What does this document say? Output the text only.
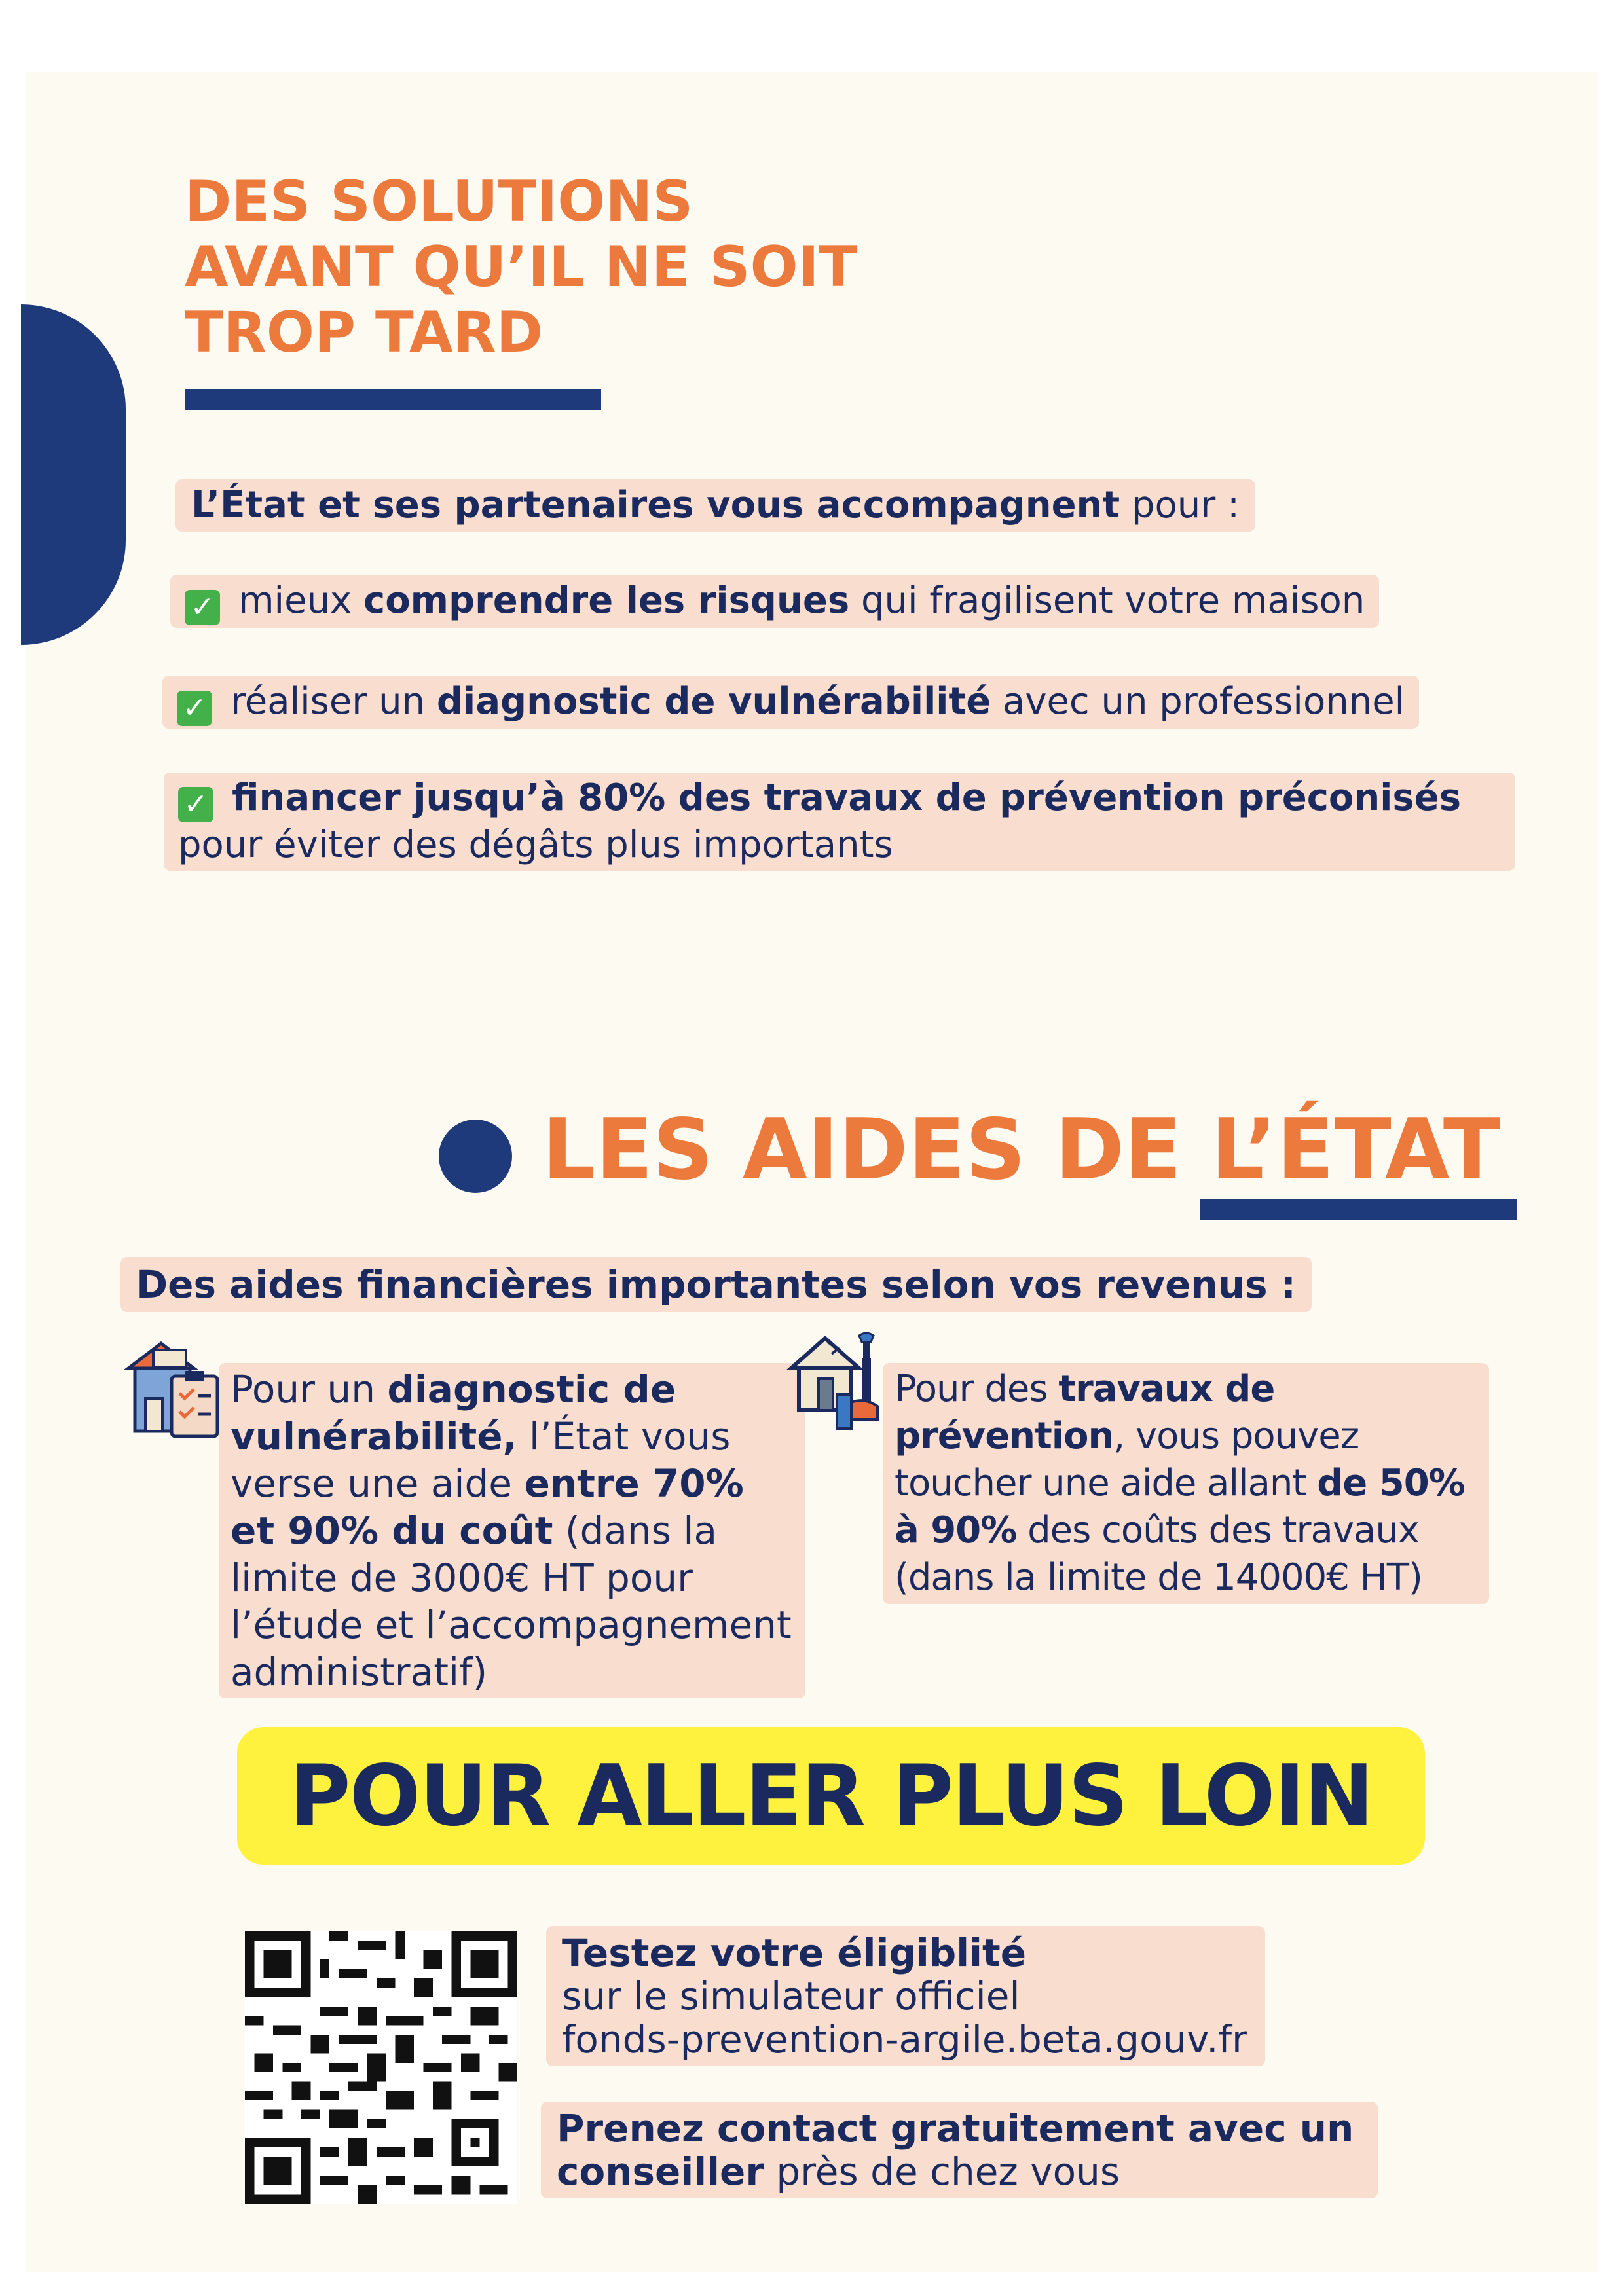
DES SOLUTIONS
AVANT QU’IL NE SOIT
TROP TARD
L’État et ses partenaires vous accompagnent pour :
✓ mieux comprendre les risques qui fragilisent votre maison
✓ réaliser un diagnostic de vulnérabilité avec un professionnel
✓ financer jusqu’à 80% des travaux de prévention préconisés
pour éviter des dégâts plus importants
LES AIDES DE L’ÉTAT
Des aides financières importantes selon vos revenus :
Pour un diagnostic de vulnérabilité, l’État vous verse une aide entre 70% et 90% du coût (dans la limite de 3000€ HT pour l’étude et l’accompagnement administratif)
Pour des travaux de prévention, vous pouvez toucher une aide allant de 50% à 90% des coûts des travaux (dans la limite de 14000€ HT)
POUR ALLER PLUS LOIN
Testez votre éligiblité
sur le simulateur officiel
fonds-prevention-argile.beta.gouv.fr
Prenez contact gratuitement avec un
conseiller près de chez vous
